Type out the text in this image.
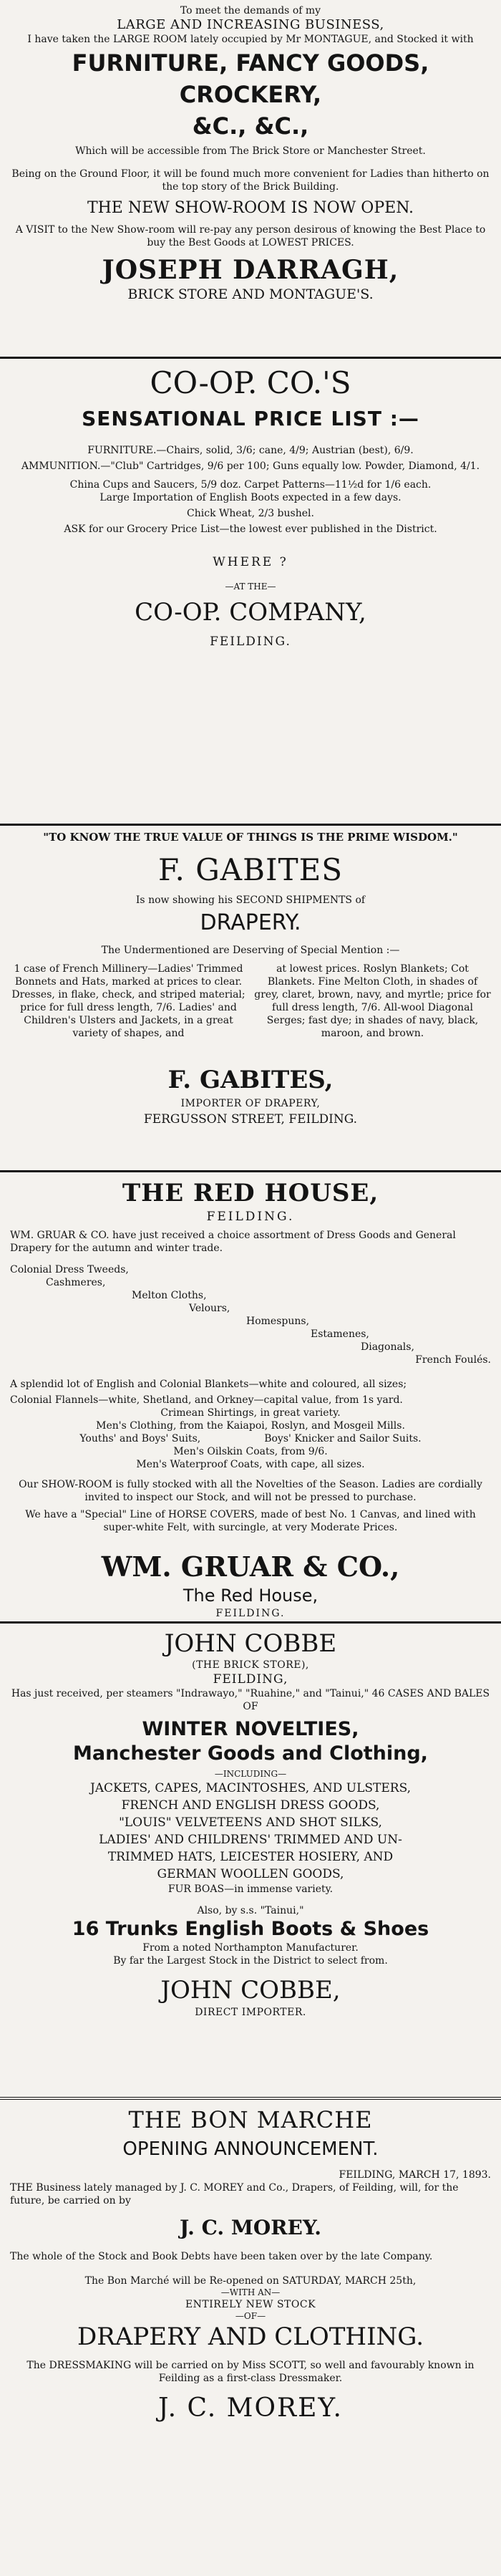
To meet the demands of my

LARGE AND INCREASING BUSINESS,

I have taken the LARGE ROOM lately occupied by Mr MONTAGUE, and Stocked it with

FURNITURE, FANCY GOODS,

CROCKERY,

&C., &C.,

Which will be accessible from The Brick Store or Manchester Street.

Being on the Ground Floor, it will be found much more convenient for Ladies than hitherto on the top story of the Brick Building.

THE NEW SHOW-ROOM IS NOW OPEN.

A VISIT to the New Show-room will re-pay any person desirous of knowing the Best Place to buy the Best Goods at LOWEST PRICES.

JOSEPH DARRAGH,

BRICK STORE AND MONTAGUE'S.

CO-OP. CO.'S

SENSATIONAL PRICE LIST :—

FURNITURE.—Chairs, solid, 3/6; cane, 4/9; Austrian (best), 6/9.

AMMUNITION.—"Club" Cartridges, 9/6 per 100; Guns equally low. Powder, Diamond, 4/1.

China Cups and Saucers, 5/9 doz. Carpet Patterns—11½d for 1/6 each.

Large Importation of English Boots expected in a few days.

Chick Wheat, 2/3 bushel.

ASK for our Grocery Price List—the lowest ever published in the District.

WHERE ?

—AT THE—

CO-OP. COMPANY,

FEILDING.

"TO KNOW THE TRUE VALUE OF THINGS IS THE PRIME WISDOM."

F. GABITES

Is now showing his SECOND SHIPMENTS of

DRAPERY.

The Undermentioned are Deserving of Special Mention :—

1 case of French Millinery—Ladies' Trimmed Bonnets and Hats, marked at prices to clear. Dresses, in flake, check, and striped material; price for full dress length, 7/6. Ladies' and Children's Ulsters and Jackets, in a great variety of shapes, and
at lowest prices. Roslyn Blankets; Cot Blankets. Fine Melton Cloth, in shades of grey, claret, brown, navy, and myrtle; price for full dress length, 7/6. All-wool Diagonal Serges; fast dye; in shades of navy, black, maroon, and brown.

F. GABITES,

IMPORTER OF DRAPERY,

FERGUSSON STREET, FEILDING.

THE RED HOUSE,

FEILDING.

WM. GRUAR & CO. have just received a choice assortment of Dress Goods and General Drapery for the autumn and winter trade.

Colonial Dress Tweeds,

Cashmeres,

Melton Cloths,

Velours,

Homespuns,

Estamenes,

Diagonals,

French Foulés.

A splendid lot of English and Colonial Blankets—white and coloured, all sizes;

Colonial Flannels—white, Shetland, and Orkney—capital value, from 1s yard.

Crimean Shirtings, in great variety.

Men's Clothing, from the Kaiapoi, Roslyn, and Mosgeil Mills.

Youths' and Boys' Suits,                    Boys' Knicker and Sailor Suits.

Men's Oilskin Coats, from 9/6.

Men's Waterproof Coats, with cape, all sizes.

Our SHOW-ROOM is fully stocked with all the Novelties of the Season. Ladies are cordially invited to inspect our Stock, and will not be pressed to purchase.

We have a "Special" Line of HORSE COVERS, made of best No. 1 Canvas, and lined with super-white Felt, with surcingle, at very Moderate Prices.

WM. GRUAR & CO.,

The Red House,

FEILDING.

JOHN COBBE

(THE BRICK STORE),

FEILDING,

Has just received, per steamers "Indrawayo," "Ruahine," and "Tainui," 46 CASES AND BALES OF

WINTER NOVELTIES,

Manchester Goods and Clothing,

—INCLUDING—

JACKETS, CAPES, MACINTOSHES, AND ULSTERS,

FRENCH AND ENGLISH DRESS GOODS,

"LOUIS" VELVETEENS AND SHOT SILKS,

LADIES' AND CHILDRENS' TRIMMED AND UN-

TRIMMED HATS, LEICESTER HOSIERY, AND

GERMAN WOOLLEN GOODS,

FUR BOAS—in immense variety.

Also, by s.s. "Tainui,"

16 Trunks English Boots & Shoes

From a noted Northampton Manufacturer.

By far the Largest Stock in the District to select from.

JOHN COBBE,

DIRECT IMPORTER.

THE BON MARCHE

OPENING ANNOUNCEMENT.

FEILDING, MARCH 17, 1893.

THE Business lately managed by J. C. MOREY and Co., Drapers, of Feilding, will, for the future, be carried on by

J. C. MOREY.

The whole of the Stock and Book Debts have been taken over by the late Company.

The Bon Marché will be Re-opened on SATURDAY, MARCH 25th,

—WITH AN—

ENTIRELY NEW STOCK

—OF—

DRAPERY AND CLOTHING.

The DRESSMAKING will be carried on by Miss SCOTT, so well and favourably known in Feilding as a first-class Dressmaker.

J. C. MOREY.
